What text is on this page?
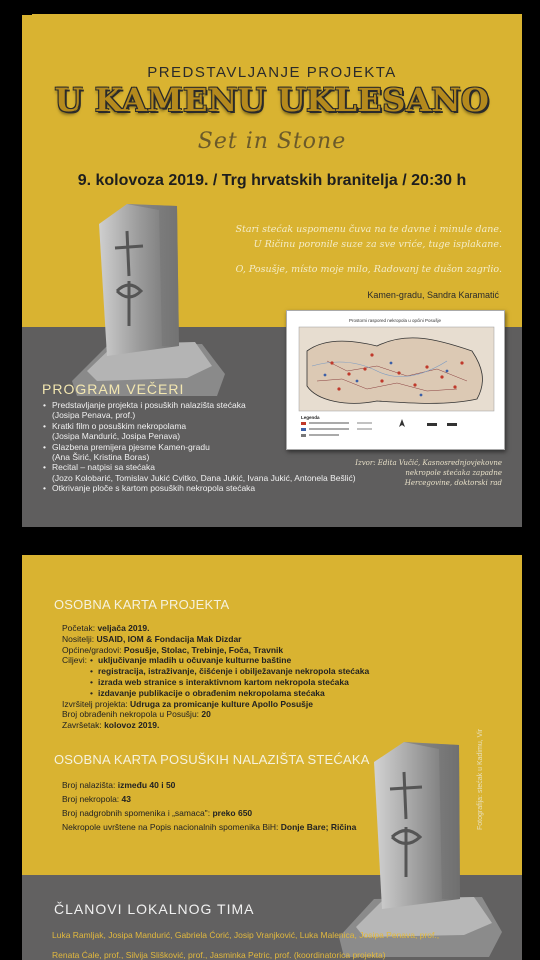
PREDSTAVLJANJE PROJEKTA
U KAMENU UKLESANO
Set in Stone
9. kolovoza 2019. / Trg hrvatskih branitelja / 20:30 h
Stari stećak uspomenu čuva na te davne i minule dane.
U Ričinu poronile suze za sve vriće, tuge isplakane.
O, Posušje, místo moje milo, Radovanj te dušon zagrlio.
Kamen-gradu, Sandra Karamatić
Prostorni raspored nekropola u općini Posušje
Legenda
Izvor: Edita Vučić, Kasnosrednjovjekovne
nekropole stećaka zapadne
Hercegovine, doktorski rad
PROGRAM VEČERI
• Predstavljanje projekta i posuških nalazišta stećaka
(Josipa Penava, prof.)
• Kratki film o posuškim nekropolama
(Josipa Mandurić, Josipa Penava)
• Glazbena premijera pjesme Kamen-gradu
(Ana Širić, Kristina Boras)
• Recital – natpisi sa stećaka
(Jozo Kolobarić, Tomislav Jukić Cvitko, Dana Jukić, Ivana Jukić, Antonela Bešlić)
• Otkrivanje ploče s kartom posuških nekropola stećaka
OSOBNA KARTA PROJEKTA
Početak: veljača 2019.
Nositelji: USAID, IOM & Fondacija Mak Dizdar
Općine/gradovi: Posušje, Stolac, Trebinje, Foča, Travnik
Ciljevi:
•	uključivanje mladih u očuvanje kulturne baštine
• registracija, istraživanje, čišćenje i obilježavanje nekropola stećaka
• izrada web stranice s interaktivnom kartom nekropola stećaka
• izdavanje publikacije o obrađenim nekropolama stećaka
Izvršitelj projekta: Udruga za promicanje kulture Apollo Posušje
Broj obrađenih nekropola u Posušju: 20
Završetak: kolovoz 2019.
OSOBNA KARTA POSUŠKIH NALAZIŠTA STEĆAKA
Broj nalazišta: između 40 i 50
Broj nekropola: 43
Broj nadgrobnih spomenika i „samaca": preko 650
Nekropole uvrštene na Popis nacionalnih spomenika BiH: Donje Bare; Ričina	Fotografija: stećak u Kadimu, Vir
ČLANOVI LOKALNOG TIMA
Luka Ramljak, Josipa Mandurić, Gabriela Ćorić, Josip Vranjković, Luka Malenica, Josipa Penava, prof.,
Renata Ćale, prof., Silvija Slišković, prof., Jasminka Petric, prof. (koordinatorica projekta)
